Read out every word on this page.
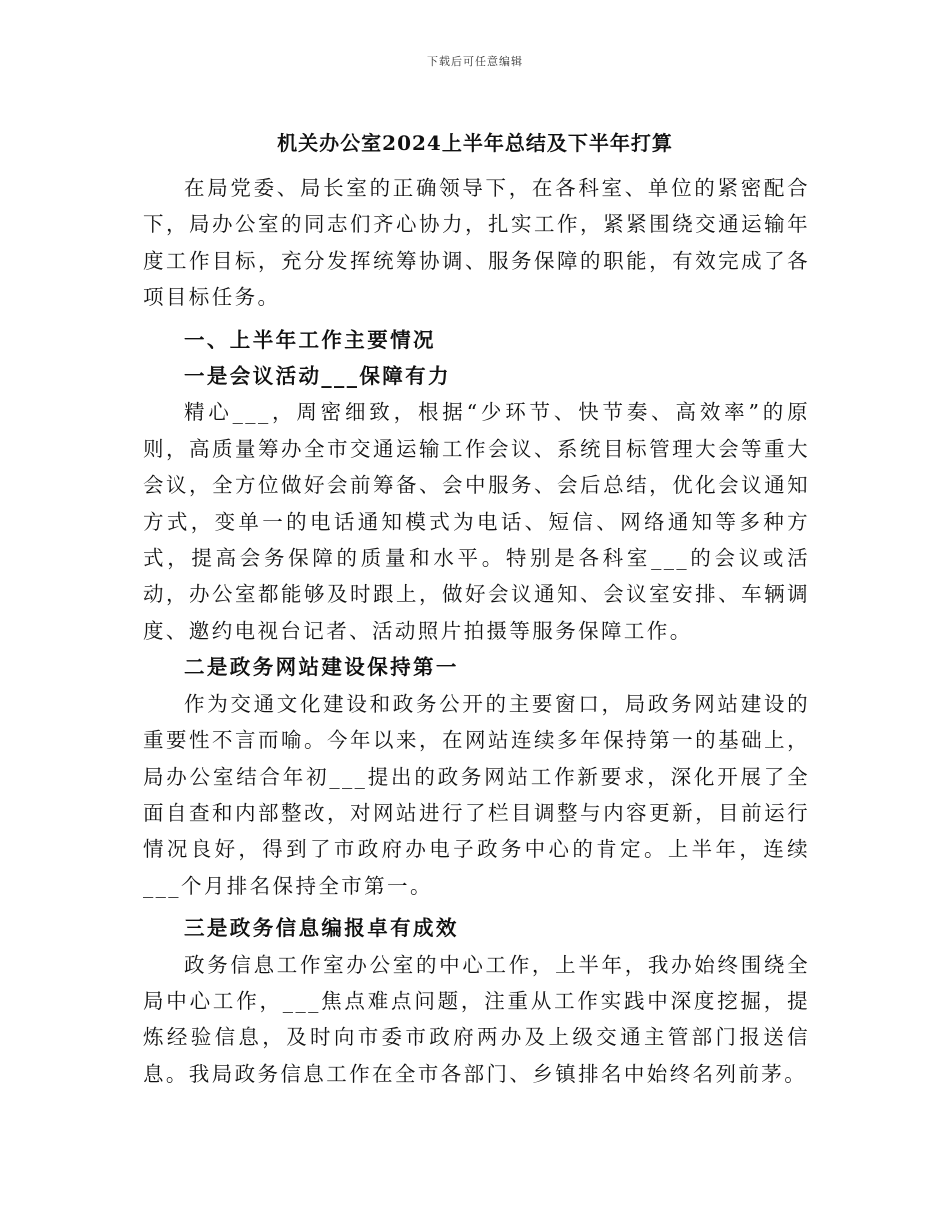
下载后可任意编辑
机关办公室2024上半年总结及下半年打算

在局党委、局长室的正确领导下，在各科室、单位的紧密配合下，局办公室的同志们齐心协力，扎实工作，紧紧围绕交通运输年度工作目标，充分发挥统筹协调、服务保障的职能，有效完成了各项目标任务。

一、上半年工作主要情况

一是会议活动___保障有力

精心___，周密细致，根据“少环节、快节奏、高效率”的原则，高质量筹办全市交通运输工作会议、系统目标管理大会等重大会议，全方位做好会前筹备、会中服务、会后总结，优化会议通知方式，变单一的电话通知模式为电话、短信、网络通知等多种方式，提高会务保障的质量和水平。特别是各科室___的会议或活动，办公室都能够及时跟上，做好会议通知、会议室安排、车辆调度、邀约电视台记者、活动照片拍摄等服务保障工作。

二是政务网站建设保持第一

作为交通文化建设和政务公开的主要窗口，局政务网站建设的重要性不言而喻。今年以来，在网站连续多年保持第一的基础上，局办公室结合年初___提出的政务网站工作新要求，深化开展了全面自查和内部整改，对网站进行了栏目调整与内容更新，目前运行情况良好，得到了市政府办电子政务中心的肯定。上半年，连续___个月排名保持全市第一。

三是政务信息编报卓有成效

政务信息工作室办公室的中心工作，上半年，我办始终围绕全局中心工作，___焦点难点问题，注重从工作实践中深度挖掘，提炼经验信息，及时向市委市政府两办及上级交通主管部门报送信息。我局政务信息工作在全市各部门、乡镇排名中始终名列前茅。
